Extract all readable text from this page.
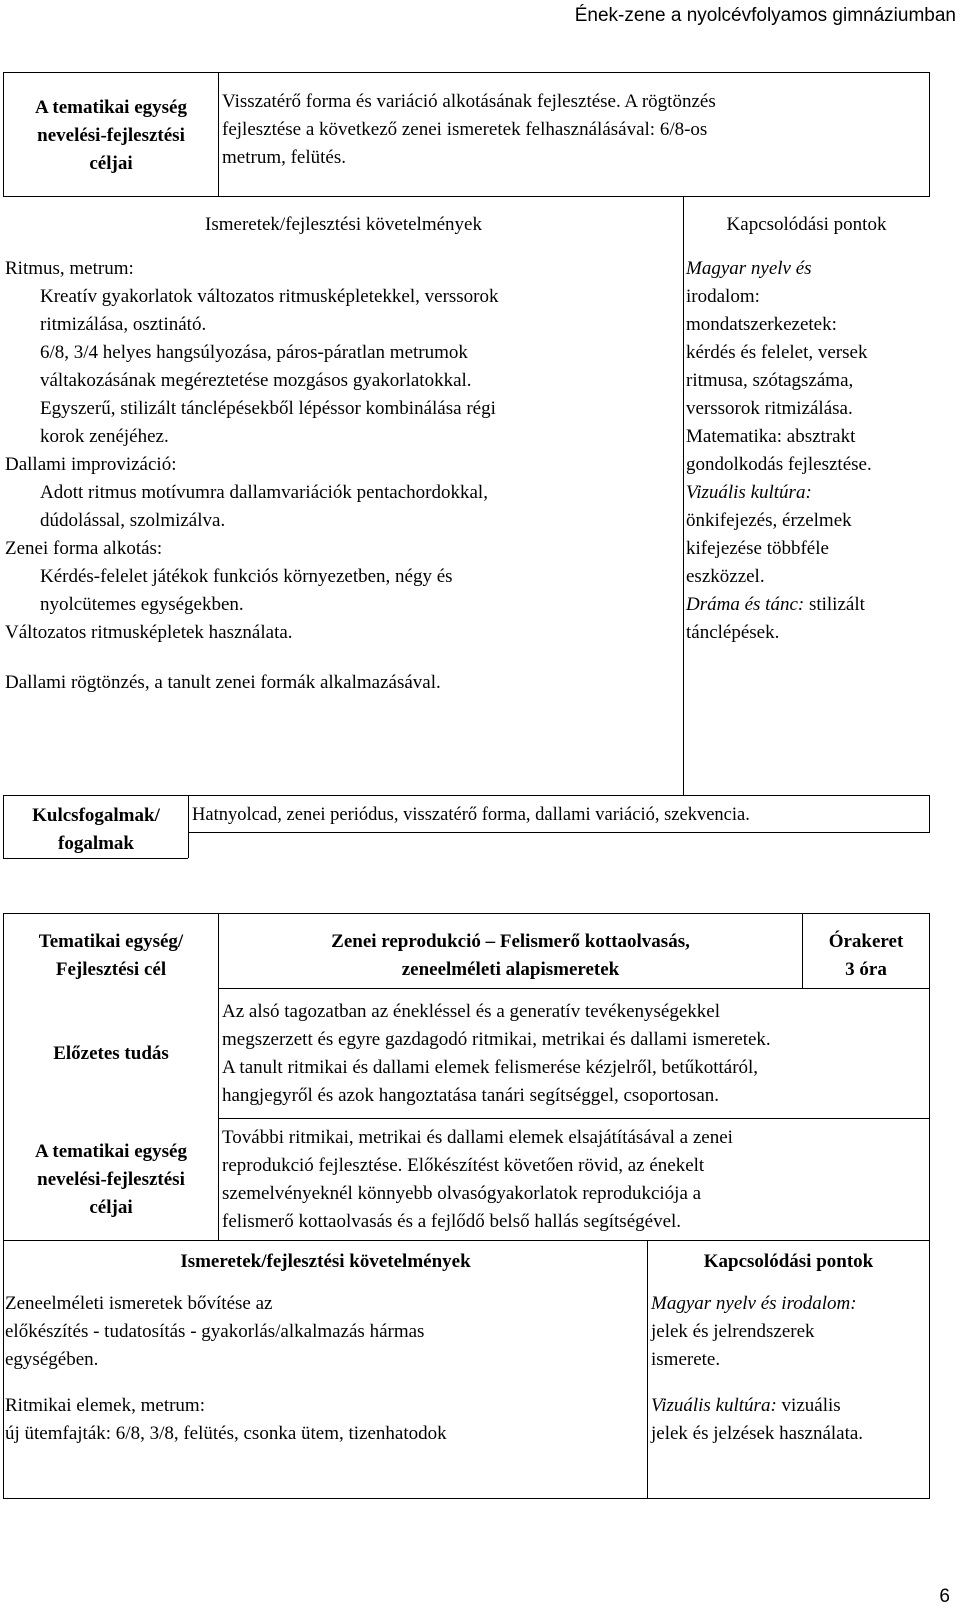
Ének-zene a nyolcévfolyamos gimnáziumban

A tematikai egység

nevelési-fejlesztési

céljai

Visszatérő forma és variáció alkotásának fejlesztése. A rögtönzés

fejlesztése a következő zenei ismeretek felhasználásával: 6/8-os

metrum, felütés.

Ismeretek/fejlesztési követelmények	Kapcsolódási pontok

Ritmus, metrum:

Kreatív gyakorlatok változatos ritmusképletekkel, verssorok

ritmizálása, osztinátó.

6/8, 3/4 helyes hangsúlyozása, páros-páratlan metrumok

váltakozásának megéreztetése mozgásos gyakorlatokkal.

Egyszerű, stilizált tánclépésekből lépéssor kombinálása régi

korok zenéjéhez.

Dallami improvizáció:

Adott ritmus motívumra dallamvariációk pentachordokkal,

dúdolással, szolmizálva.

Zenei forma alkotás:

Kérdés-felelet játékok funkciós környezetben, négy és

nyolcütemes egységekben.

Változatos ritmusképletek használata.

Dallami rögtönzés, a tanult zenei formák alkalmazásával.

Magyar nyelv és

irodalom:

mondatszerkezetek:

kérdés és felelet, versek

ritmusa, szótagszáma,

verssorok ritmizálása.

Matematika: absztrakt

gondolkodás fejlesztése.

Vizuális kultúra:

önkifejezés, érzelmek

kifejezése többféle

eszközzel.

Dráma és tánc: stilizált

tánclépések.

Kulcsfogalmak/

fogalmak

Hatnyolcad, zenei periódus, visszatérő forma, dallami variáció, szekvencia.

Tematikai egység/

Fejlesztési cél

Zenei reprodukció – Felismerő kottaolvasás,

zeneelméleti alapismeretek

Órakeret

3 óra

Előzetes tudás

Az alsó tagozatban az énekléssel és a generatív tevékenységekkel

megszerzett és egyre gazdagodó ritmikai, metrikai és dallami ismeretek.

A tanult ritmikai és dallami elemek felismerése kézjelről, betűkottáról,

hangjegyről és azok hangoztatása tanári segítséggel, csoportosan.

A tematikai egység

nevelési-fejlesztési

céljai

További ritmikai, metrikai és dallami elemek elsajátításával a zenei

reprodukció fejlesztése. Előkészítést követően rövid, az énekelt

szemelvényeknél könnyebb olvasógyakorlatok reprodukciója a

felismerő kottaolvasás és a fejlődő belső hallás segítségével.

Ismeretek/fejlesztési követelmények	Kapcsolódási pontok

Zeneelméleti ismeretek bővítése az

előkészítés - tudatosítás - gyakorlás/alkalmazás hármas

egységében.

Ritmikai elemek, metrum:

új ütemfajták: 6/8, 3/8, felütés, csonka ütem, tizenhatodok

Magyar nyelv és irodalom:

jelek és jelrendszerek

ismerete.

Vizuális kultúra: vizuális

jelek és jelzések használata.

6
